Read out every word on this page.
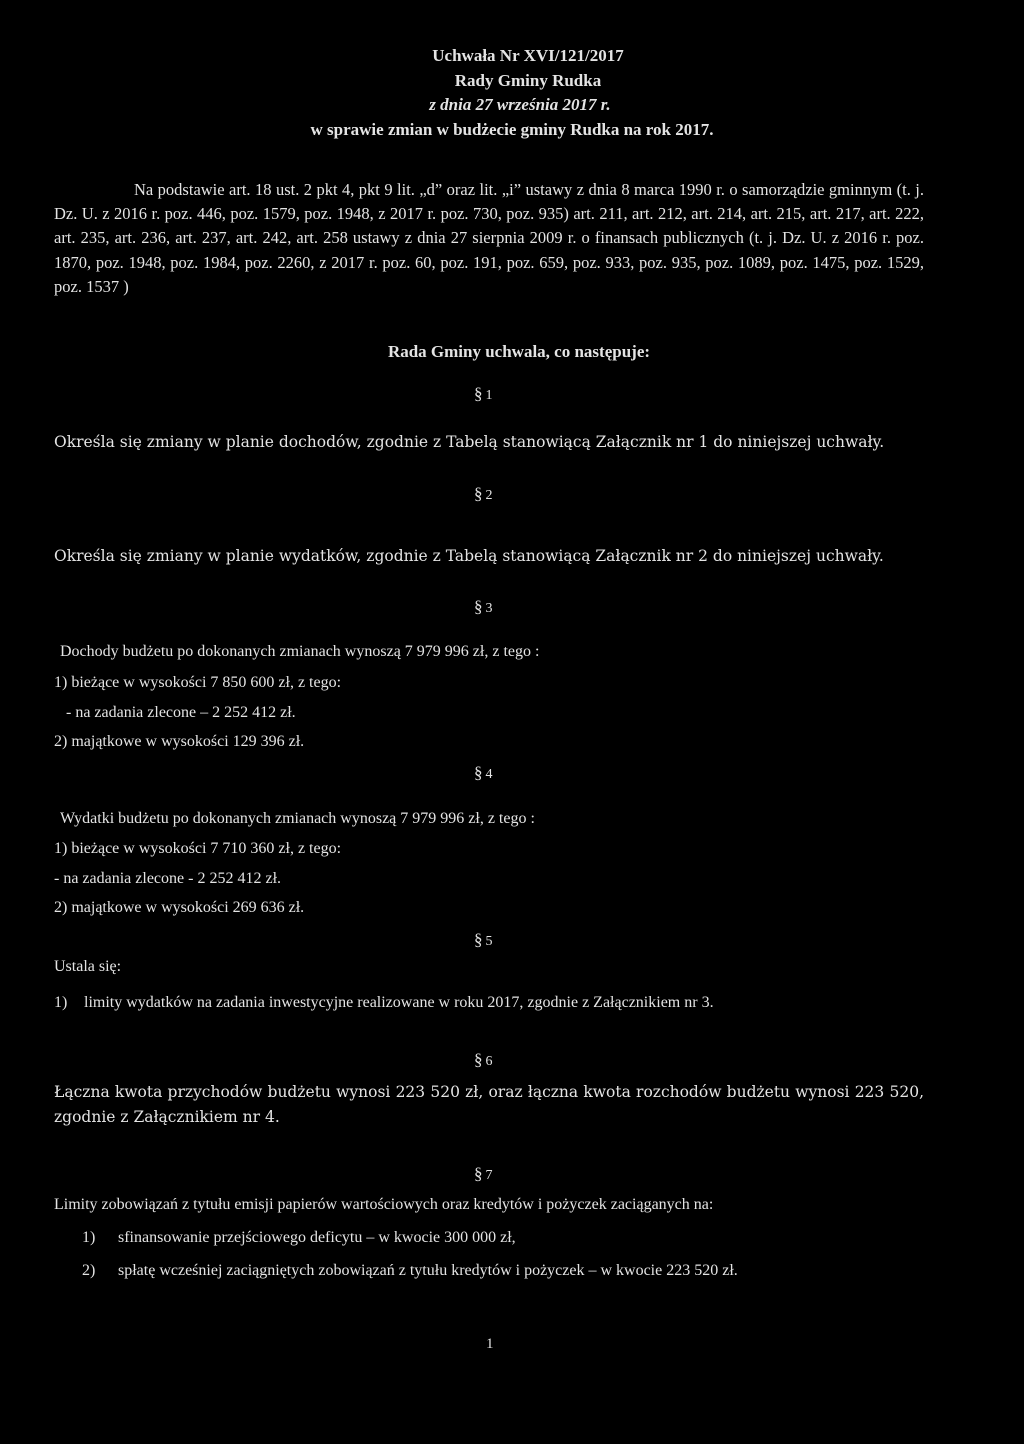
Uchwała Nr XVI/121/2017
Rady Gminy Rudka
z dnia 27 września 2017 r.
w sprawie zmian w budżecie gminy Rudka na rok 2017.
Na podstawie art. 18 ust. 2 pkt 4, pkt 9 lit. „d” oraz lit. „i” ustawy z dnia 8 marca 1990 r. o samorządzie gminnym (t. j. Dz. U. z 2016 r. poz. 446, poz. 1579, poz. 1948, z 2017 r. poz. 730, poz. 935) art. 211, art. 212, art. 214, art. 215, art. 217, art. 222, art. 235, art. 236, art. 237, art. 242, art. 258 ustawy z dnia 27 sierpnia 2009 r. o finansach publicznych (t. j. Dz. U. z 2016 r. poz. 1870, poz. 1948, poz. 1984, poz. 2260, z 2017 r. poz. 60, poz. 191, poz. 659, poz. 933, poz. 935, poz. 1089, poz. 1475, poz. 1529, poz. 1537 )
Rada Gminy uchwala, co następuje:
§ 1
Określa się zmiany w planie dochodów, zgodnie z Tabelą stanowiącą Załącznik nr 1 do niniejszej uchwały.
§ 2
Określa się zmiany w planie wydatków, zgodnie z Tabelą stanowiącą Załącznik nr 2 do niniejszej uchwały.
§ 3
Dochody budżetu po dokonanych zmianach wynoszą 7 979 996 zł, z tego :
1) bieżące w wysokości 7 850 600 zł, z tego:
- na zadania zlecone – 2 252 412 zł.
2) majątkowe w wysokości 129 396 zł.
§ 4
Wydatki budżetu po dokonanych zmianach wynoszą 7 979 996 zł, z tego :
1) bieżące w wysokości 7 710 360 zł, z tego:
- na zadania zlecone - 2 252 412 zł.
2) majątkowe w wysokości 269 636 zł.
§ 5
Ustala się:
1) limity wydatków na zadania inwestycyjne realizowane w roku 2017, zgodnie z Załącznikiem nr 3.
§ 6
Łączna kwota przychodów budżetu wynosi 223 520 zł, oraz łączna kwota rozchodów budżetu wynosi 223 520, zgodnie z Załącznikiem nr 4.
§ 7
Limity zobowiązań z tytułu emisji papierów wartościowych oraz kredytów i pożyczek zaciąganych na:
1) sfinansowanie przejściowego deficytu – w kwocie 300 000 zł,
2) spłatę wcześniej zaciągniętych zobowiązań z tytułu kredytów i pożyczek – w kwocie 223 520 zł.
1
